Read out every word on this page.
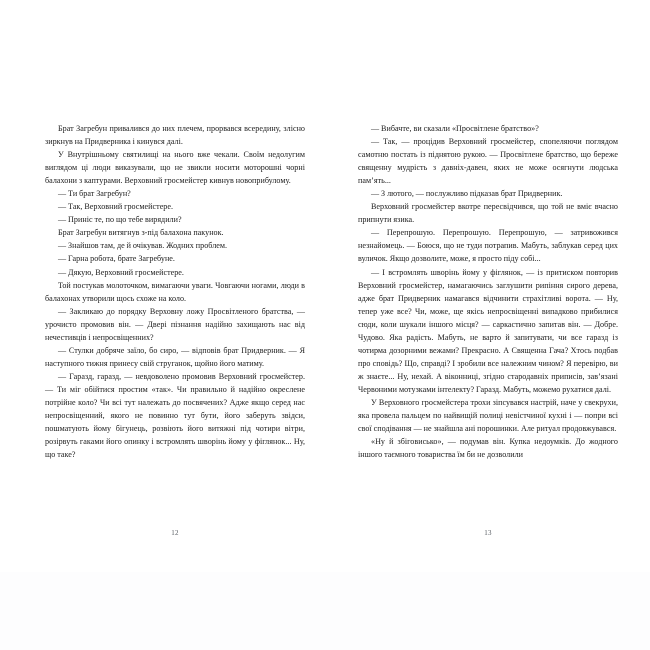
Брат Загребун привалився до них плечем, прорвався всередину, злісно зиркнув на Придверника і кинувся далі.

У Внутрішньому святилищі на нього вже чекали. Своїм недолугим виглядом ці люди виказували, що не звикли носити моторошні чорні балахони з каптурами. Верховний гросмейстер кивнув новоприбулому.

— Ти брат Загребун?

— Так, Верховний гросмейстере.

— Приніс те, по що тебе вирядили?

Брат Загребун витягнув з-під балахона пакунок.

— Знайшов там, де й очікував. Жодних проблем.

— Гарна робота, брате Загребуне.

— Дякую, Верховний гросмейстере.

Той постукав молоточком, вимагаючи уваги. Човгаючи ногами, люди в балахонах утворили щось схоже на коло.

— Закликаю до порядку Верховну ложу Просвітленого братства, — урочисто промовив він. — Двері пізнання надійно захищають нас від нечестивців і непросвіщенних?

— Стулки добряче заїло, бо сиро, — відповів брат Придверник. — Я наступного тижня принесу свій струганок, щойно його матиму.

— Гаразд, гаразд, — невдоволено промовив Верховний гросмейстер. — Ти міг обійтися простим «так». Чи правильно й надійно окреслене потрійне коло? Чи всі тут належать до посвячених? Адже якщо серед нас непросвіщенний, якого не повинно тут бути, його заберуть звідси, пошматують йому бігунець, розвіють його витяжні під чотири вітри, розірвуть гаками його опинку і встромлять шворінь йому у фіглянок... Ну, що таке?

12

— Вибачте, ви сказали «Просвітлене братство»?

— Так, — процідив Верховний гросмейстер, спопеляючи поглядом самотню постать із піднятою рукою. — Просвітлене братство, що береже священну мудрість з давніх-давен, яких не може осягнути людська пам’ять...

— З лютого, — послужливо підказав брат Придверник.

Верховний гросмейстер вкотре пересвідчився, що той не вміє вчасно припнути язика.

— Перепрошую. Перепрошую. Перепрошую, — затривожився незнайомець. — Боюся, що не туди потрапив. Мабуть, заблукав серед цих вуличок. Якщо дозволите, може, я просто піду собі...

— І встромлять шворінь йому у фіглянок, — із притиском повторив Верховний гросмейстер, намагаючись заглушити рипіння сирого дерева, адже брат Придверник намагався відчинити страхітливі ворота. — Ну, тепер уже все? Чи, може, ще якісь непросвіщенні випадково прибилися сюди, коли шукали іншого місця? — саркастично запитав він. — Добре. Чудово. Яка радість. Мабуть, не варто й запитувати, чи все гаразд із чотирма дозорними вежами? Прекрасно. А Священна Гача? Хтось подбав про сповідь? Що, справді? І зробили все належним чином? Я перевірю, ви ж знаєте... Ну, нехай. А віконниці, згідно стародавніх приписів, зав’язані Червоними мотузками інтелекту? Гаразд. Мабуть, можемо рухатися далі.

У Верховного гросмейстера трохи зіпсувався настрій, наче у свекрухи, яка провела пальцем по найвищій полиці невістчиної кухні і — попри всі свої сподівання — не знайшла ані порошинки. Але ритуал продовжувався.

«Ну й збіговисько», — подумав він. Купка недоумків. До жодного іншого таємного товариства їм би не дозволили

13
